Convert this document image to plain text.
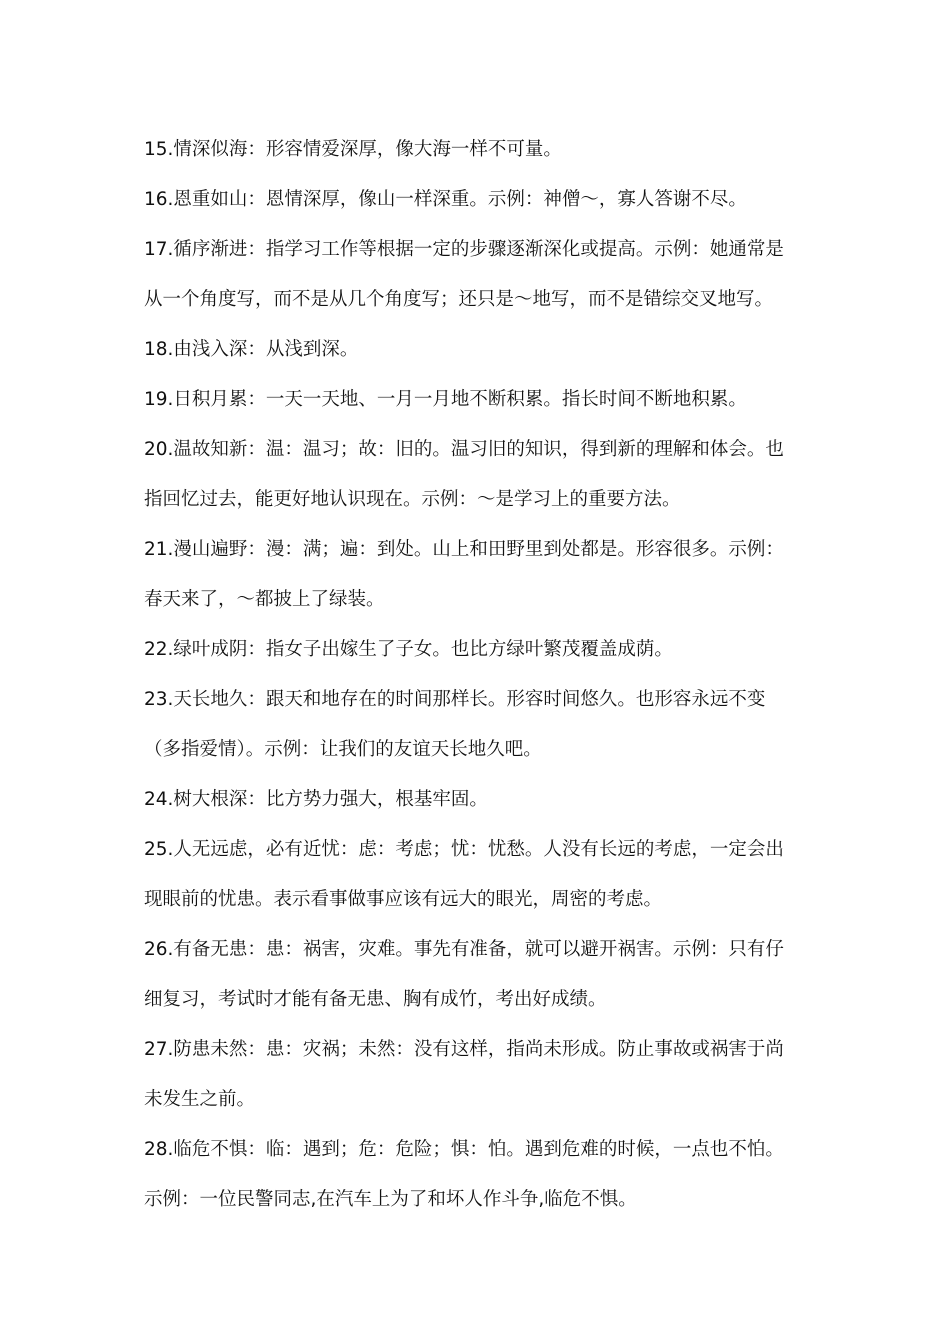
15.情深似海：形容情爱深厚，像大海一样不可量。
16.恩重如山：恩情深厚，像山一样深重。示例：神僧～，寡人答谢不尽。
17.循序渐进：指学习工作等根据一定的步骤逐渐深化或提高。示例：她通常是
从一个角度写，而不是从几个角度写；还只是～地写，而不是错综交叉地写。
18.由浅入深：从浅到深。
19.日积月累：一天一天地、一月一月地不断积累。指长时间不断地积累。
20.温故知新：温：温习；故：旧的。温习旧的知识，得到新的理解和体会。也
指回忆过去，能更好地认识现在。示例：～是学习上的重要方法。
21.漫山遍野：漫：满；遍：到处。山上和田野里到处都是。形容很多。示例：
春天来了，～都披上了绿装。
22.绿叶成阴：指女子出嫁生了子女。也比方绿叶繁茂覆盖成荫。
23.天长地久：跟天和地存在的时间那样长。形容时间悠久。也形容永远不变
（多指爱情）。示例：让我们的友谊天长地久吧。
24.树大根深：比方势力强大，根基牢固。
25.人无远虑，必有近忧：虑：考虑；忧：忧愁。人没有长远的考虑，一定会出
现眼前的忧患。表示看事做事应该有远大的眼光，周密的考虑。
26.有备无患：患：祸害，灾难。事先有准备，就可以避开祸害。示例：只有仔
细复习，考试时才能有备无患、胸有成竹，考出好成绩。
27.防患未然：患：灾祸；未然：没有这样，指尚未形成。防止事故或祸害于尚
未发生之前。
28.临危不惧：临：遇到；危：危险；惧：怕。遇到危难的时候，一点也不怕。
示例：一位民警同志,在汽车上为了和坏人作斗争,临危不惧。
